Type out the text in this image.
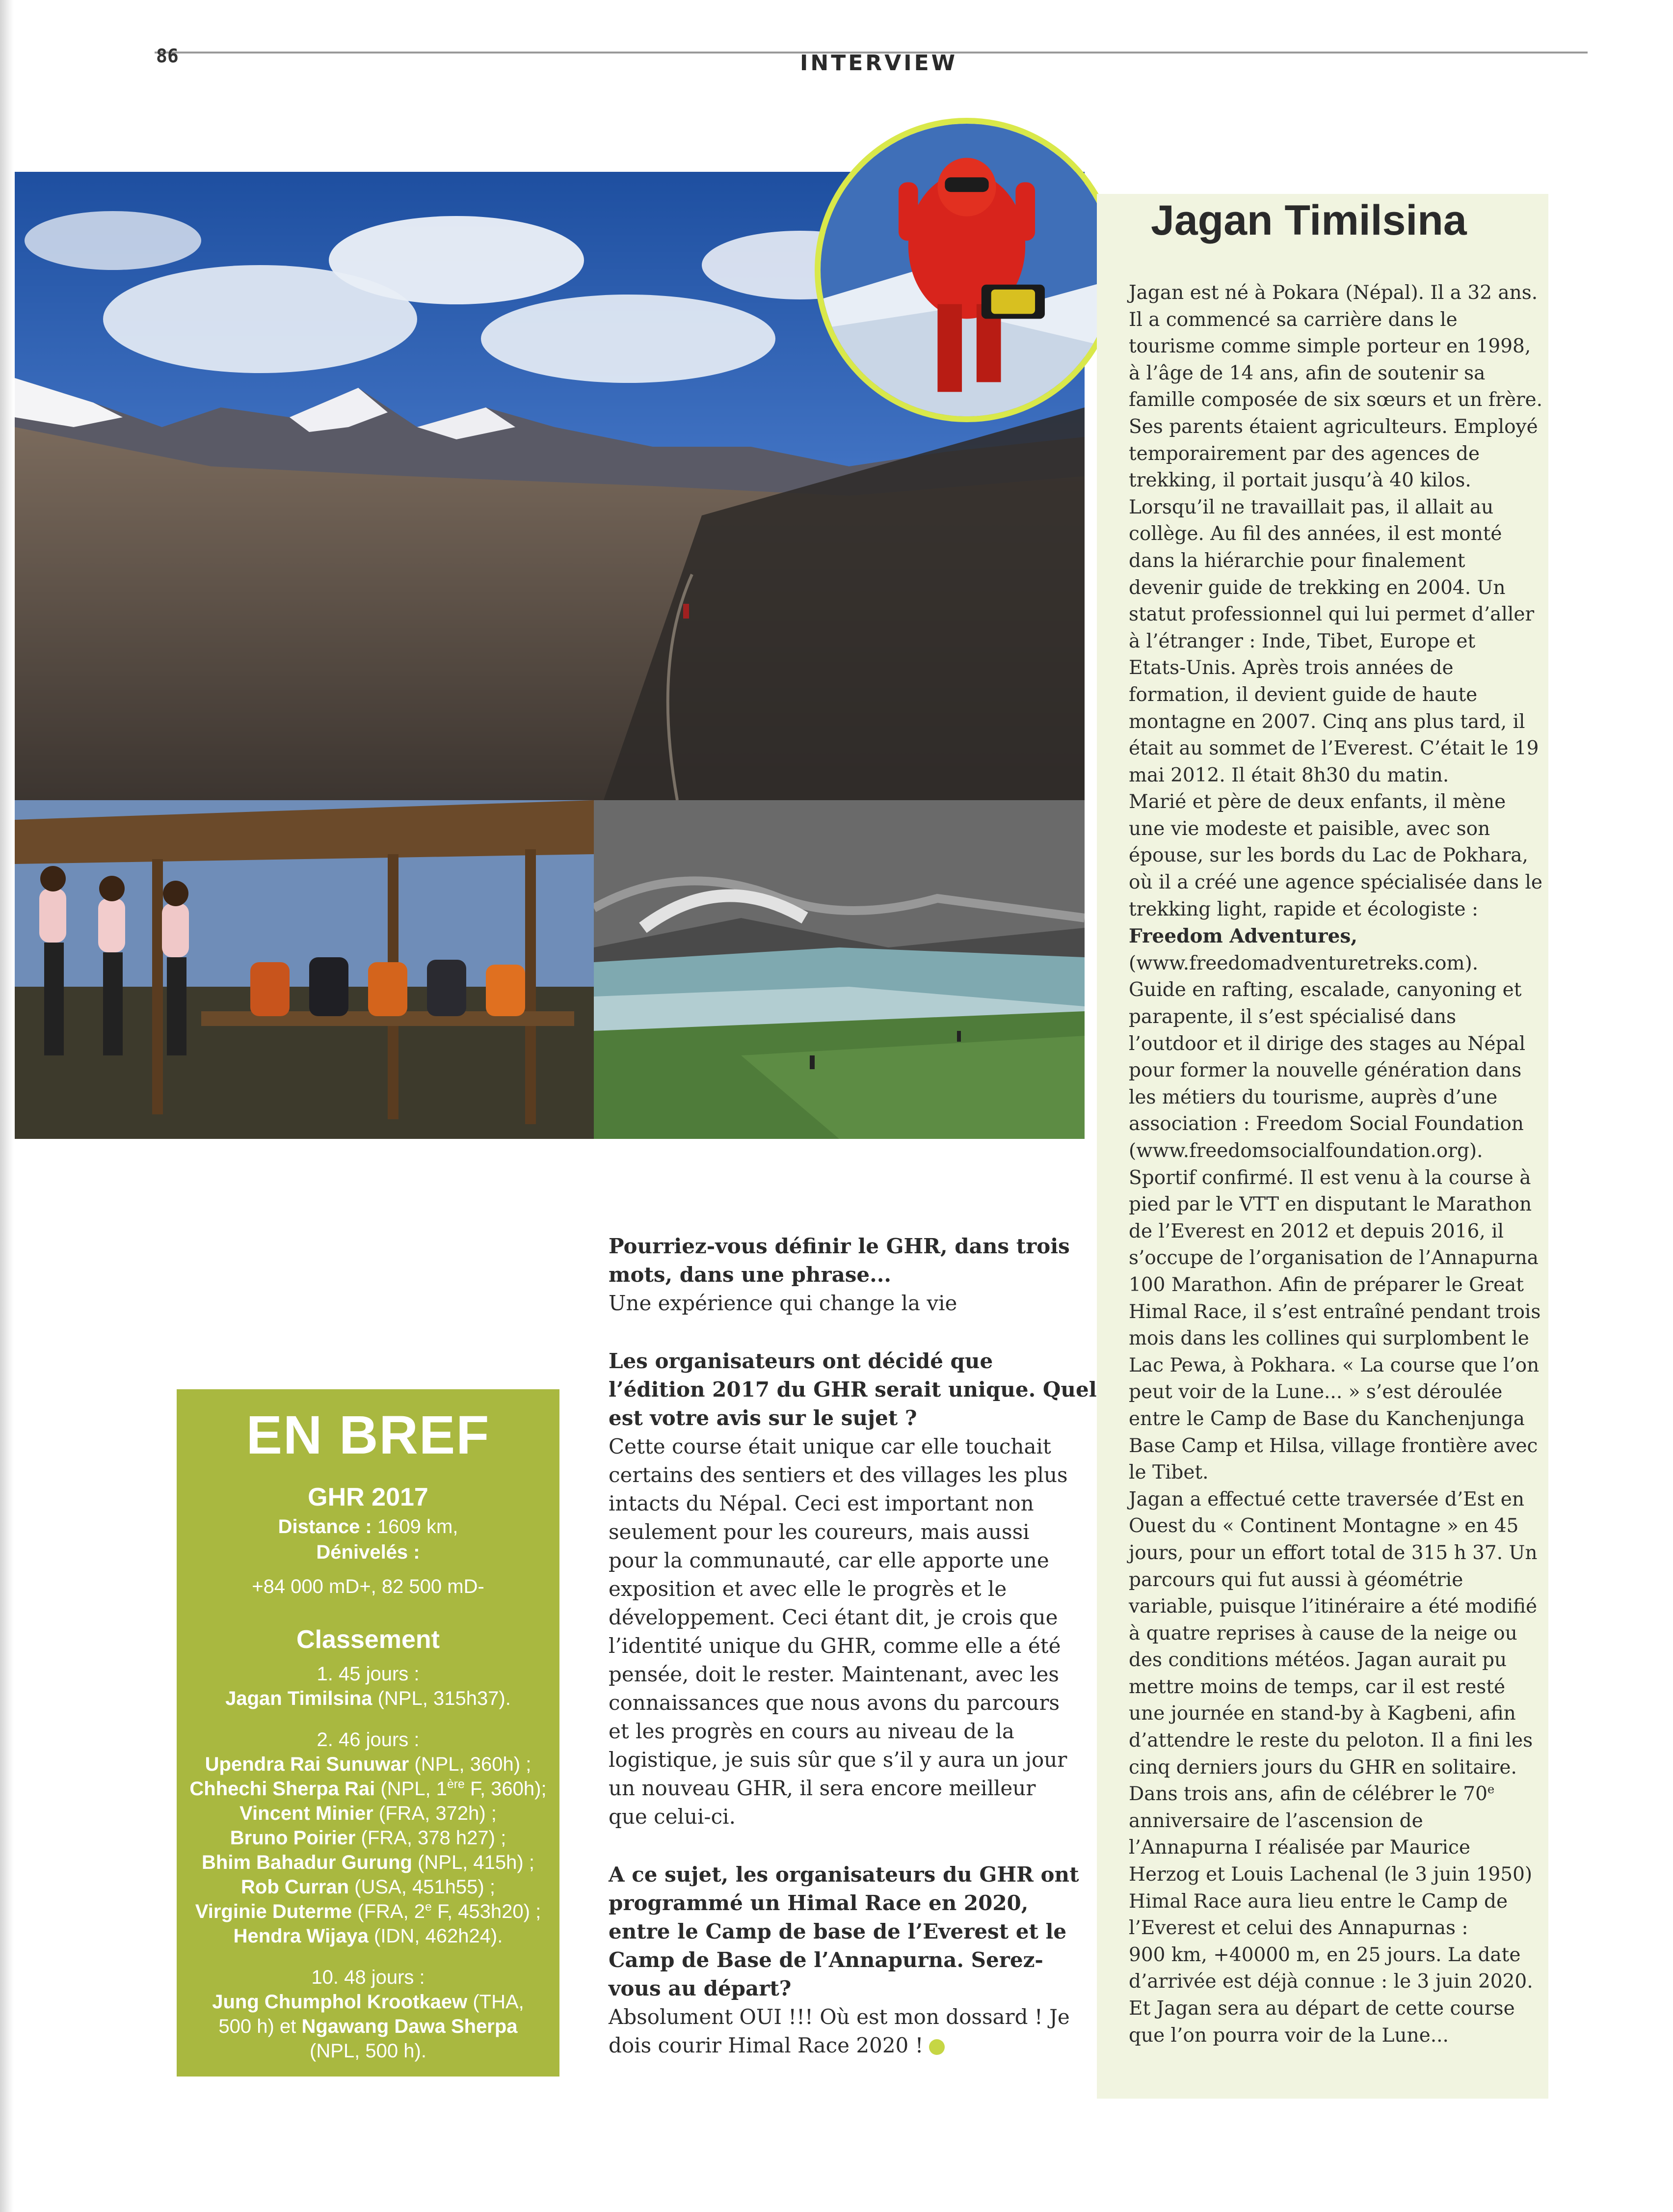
86	INTERVIEW
Jagan Timilsina

Jagan est né à Pokara (Népal). Il a 32 ans.

Il a commencé sa carrière dans le

tourisme comme simple porteur en 1998,

à l’âge de 14 ans, afin de soutenir sa

famille composée de six sœurs et un frère.

Ses parents étaient agriculteurs. Employé

temporairement par des agences de

trekking, il portait jusqu’à 40 kilos.

Lorsqu’il ne travaillait pas, il allait au

collège. Au fil des années, il est monté

dans la hiérarchie pour finalement

devenir guide de trekking en 2004. Un

statut professionnel qui lui permet d’aller

à l’étranger : Inde, Tibet, Europe et

Etats-Unis. Après trois années de

formation, il devient guide de haute

montagne en 2007. Cinq ans plus tard, il

était au sommet de l’Everest. C’était le 19

mai 2012. Il était 8h30 du matin.

Marié et père de deux enfants, il mène

une vie modeste et paisible, avec son

épouse, sur les bords du Lac de Pokhara,

où il a créé une agence spécialisée dans le

trekking light, rapide et écologiste :

Freedom Adventures,

(www.freedomadventuretreks.com).

Guide en rafting, escalade, canyoning et

parapente, il s’est spécialisé dans

l’outdoor et il dirige des stages au Népal

pour former la nouvelle génération dans

les métiers du tourisme, auprès d’une

association : Freedom Social Foundation

(www.freedomsocialfoundation.org).

Sportif confirmé. Il est venu à la course à

pied par le VTT en disputant le Marathon

de l’Everest en 2012 et depuis 2016, il

s’occupe de l’organisation de l’Annapurna

100 Marathon. Afin de préparer le Great

Himal Race, il s’est entraîné pendant trois

mois dans les collines qui surplombent le

Lac Pewa, à Pokhara. « La course que l’on

peut voir de la Lune... » s’est déroulée

entre le Camp de Base du Kanchenjunga

Base Camp et Hilsa, village frontière avec

le Tibet.

Jagan a effectué cette traversée d’Est en

Ouest du « Continent Montagne » en 45

jours, pour un effort total de 315 h 37. Un

parcours qui fut aussi à géométrie

variable, puisque l’itinéraire a été modifié

à quatre reprises à cause de la neige ou

des conditions météos. Jagan aurait pu

mettre moins de temps, car il est resté

une journée en stand-by à Kagbeni, afin

d’attendre le reste du peloton. Il a fini les

cinq derniers jours du GHR en solitaire.

Dans trois ans, afin de célébrer le 70e

anniversaire de l’ascension de

l’Annapurna I réalisée par Maurice

Herzog et Louis Lachenal (le 3 juin 1950)

Himal Race aura lieu entre le Camp de

l’Everest et celui des Annapurnas :

900 km, +40000 m, en 25 jours. La date

d’arrivée est déjà connue : le 3 juin 2020.

Et Jagan sera au départ de cette course

que l’on pourra voir de la Lune...

Pourriez-vous définir le GHR, dans trois
mots, dans une phrase...
Une expérience qui change la vie
Les organisateurs ont décidé que
l’édition 2017 du GHR serait unique. Quel
est votre avis sur le sujet ?
Cette course était unique car elle touchait
certains des sentiers et des villages les plus
intacts du Népal. Ceci est important non
seulement pour les coureurs, mais aussi
pour la communauté, car elle apporte une
exposition et avec elle le progrès et le
développement. Ceci étant dit, je crois que
l’identité unique du GHR, comme elle a été
pensée, doit le rester. Maintenant, avec les
connaissances que nous avons du parcours
et les progrès en cours au niveau de la
logistique, je suis sûr que s’il y aura un jour
un nouveau GHR, il sera encore meilleur
que celui-ci.
A ce sujet, les organisateurs du GHR ont
programmé un Himal Race en 2020,
entre le Camp de base de l’Everest et le
Camp de Base de l’Annapurna. Serez-
vous au départ?
Absolument OUI !!! Où est mon dossard ! Je
dois courir Himal Race 2020 !
EN BREF
GHR 2017
Distance : 1609 km,
Dénivelés :
+84 000 mD+, 82 500 mD-
Classement
1. 45 jours :
Jagan Timilsina (NPL, 315h37).
2. 46 jours :
Upendra Rai Sunuwar (NPL, 360h) ;
Chhechi Sherpa Rai (NPL, 1ère F, 360h);
Vincent Minier (FRA, 372h) ;
Bruno Poirier (FRA, 378 h27) ;
Bhim Bahadur Gurung (NPL, 415h) ;
Rob Curran (USA, 451h55) ;
Virginie Duterme (FRA, 2e F, 453h20) ;
Hendra Wijaya (IDN, 462h24).
10. 48 jours :
Jung Chumphol Krootkaew (THA,
500 h) et Ngawang Dawa Sherpa
(NPL, 500 h).
